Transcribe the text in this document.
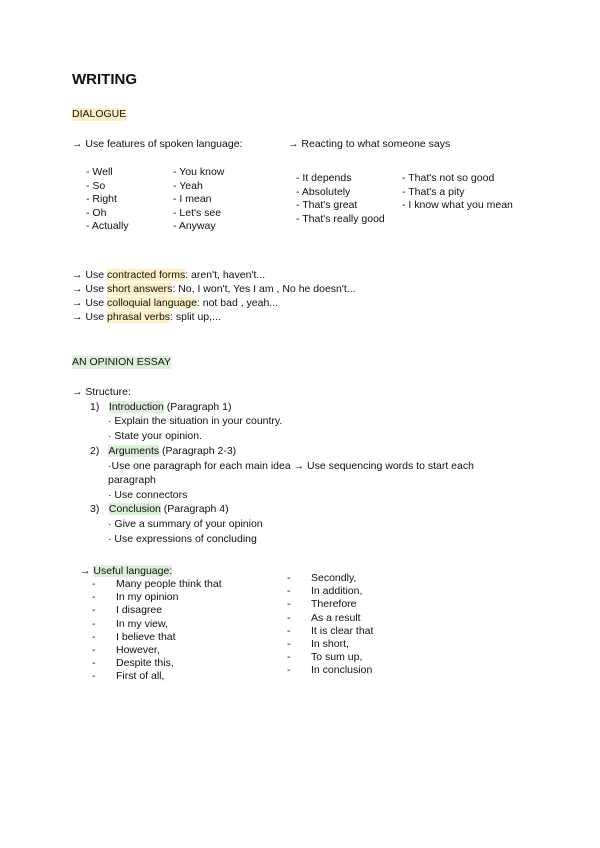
WRITING
DIALOGUE
→ Use features of spoken language:	→ Reacting to what someone says
- Well
- So
- Right
- Oh
- Actually
- You know
- Yeah
- I mean
- Let's see
- Anyway
- It depends
- Absolutely
- That's great
- That's really good
- That's not so good
- That's a pity
- I know what you mean
→ Use contracted forms: aren't, haven't...
→ Use short answers: No, I won't, Yes I am , No he doesn't...
→ Use colloquial language: not bad , yeah...
→ Use phrasal verbs: split up,...
AN OPINION ESSAY
→ Structure:
1) Introduction (Paragraph 1)
· Explain the situation in your country.
· State your opinion.
2) Arguments (Paragraph 2-3)
·Use one paragraph for each main idea → Use sequencing words to start each
paragraph
· Use connectors
3) Conclusion (Paragraph 4)
· Give a summary of your opinion
· Use expressions of concluding
→ Useful language:
- Many people think that
- In my opinion
- I disagree
- In my view,
- I believe that
- However,
- Despite this,
- First of all,
- Secondly,
- In addition,
- Therefore
- As a result
- It is clear that
- In short,
- To sum up,
- In conclusion
